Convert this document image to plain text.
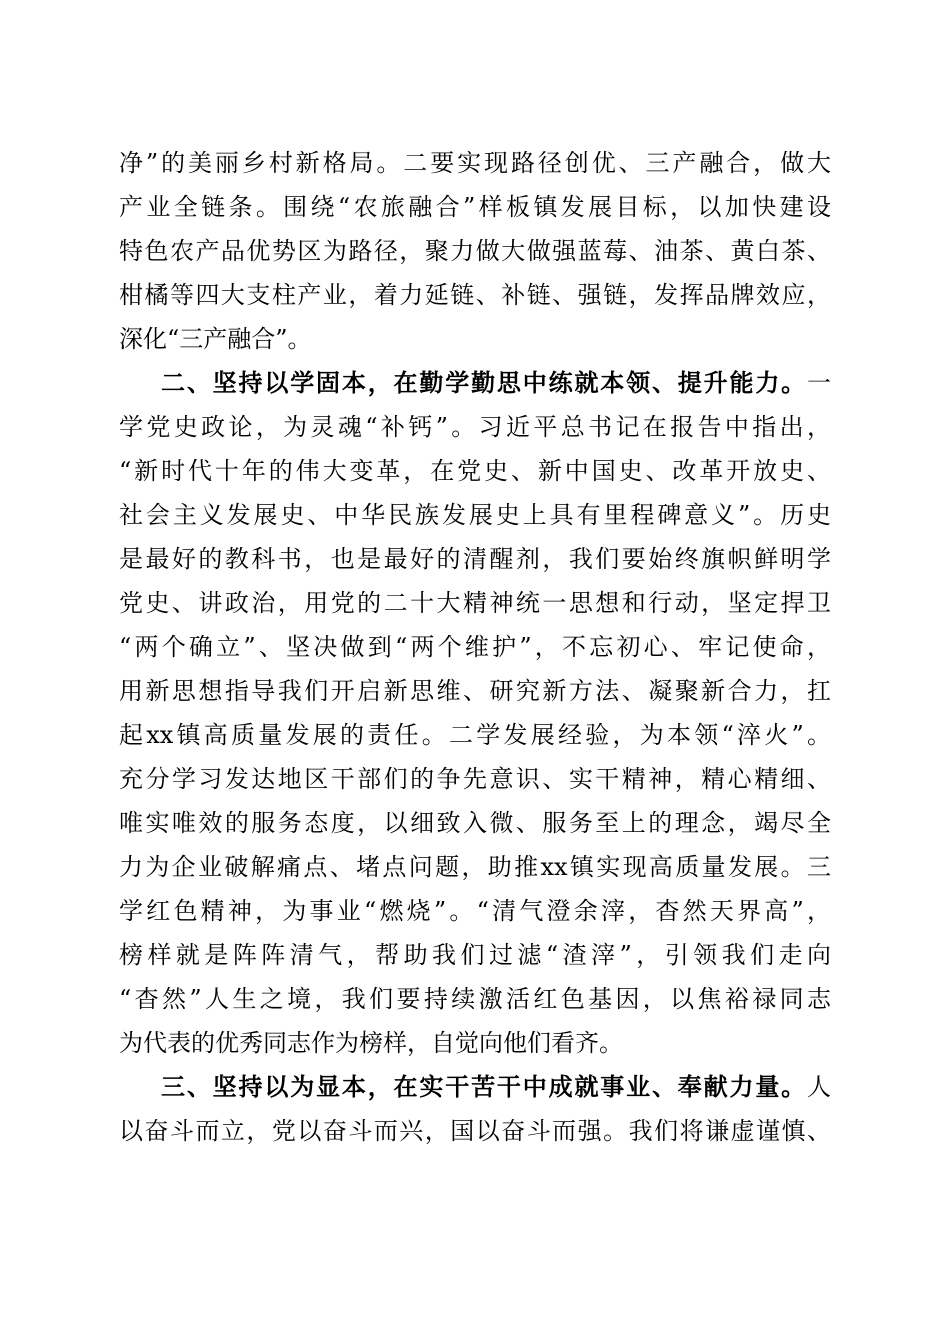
净”的美丽乡村新格局。二要实现路径创优、三产融合，做大
产业全链条。围绕“农旅融合”样板镇发展目标，以加快建设
特色农产品优势区为路径，聚力做大做强蓝莓、油茶、黄白茶、
柑橘等四大支柱产业，着力延链、补链、强链，发挥品牌效应，
深化“三产融合”。
二、坚持以学固本，在勤学勤思中练就本领、提升能力。一
学党史政论，为灵魂“补钙”。习近平总书记在报告中指出，
“新时代十年的伟大变革，在党史、新中国史、改革开放史、
社会主义发展史、中华民族发展史上具有里程碑意义”。历史
是最好的教科书，也是最好的清醒剂，我们要始终旗帜鲜明学
党史、讲政治，用党的二十大精神统一思想和行动，坚定捍卫
“两个确立”、坚决做到“两个维护”，不忘初心、牢记使命，
用新思想指导我们开启新思维、研究新方法、凝聚新合力，扛
起xx镇高质量发展的责任。二学发展经验，为本领“淬火”。
充分学习发达地区干部们的争先意识、实干精神，精心精细、
唯实唯效的服务态度，以细致入微、服务至上的理念，竭尽全
力为企业破解痛点、堵点问题，助推xx镇实现高质量发展。三
学红色精神，为事业“燃烧”。“清气澄余滓，杳然天界高”，
榜样就是阵阵清气，帮助我们过滤“渣滓”，引领我们走向
“杳然”人生之境，我们要持续激活红色基因，以焦裕禄同志
为代表的优秀同志作为榜样，自觉向他们看齐。
三、坚持以为显本，在实干苦干中成就事业、奉献力量。人
以奋斗而立，党以奋斗而兴，国以奋斗而强。我们将谦虚谨慎、
